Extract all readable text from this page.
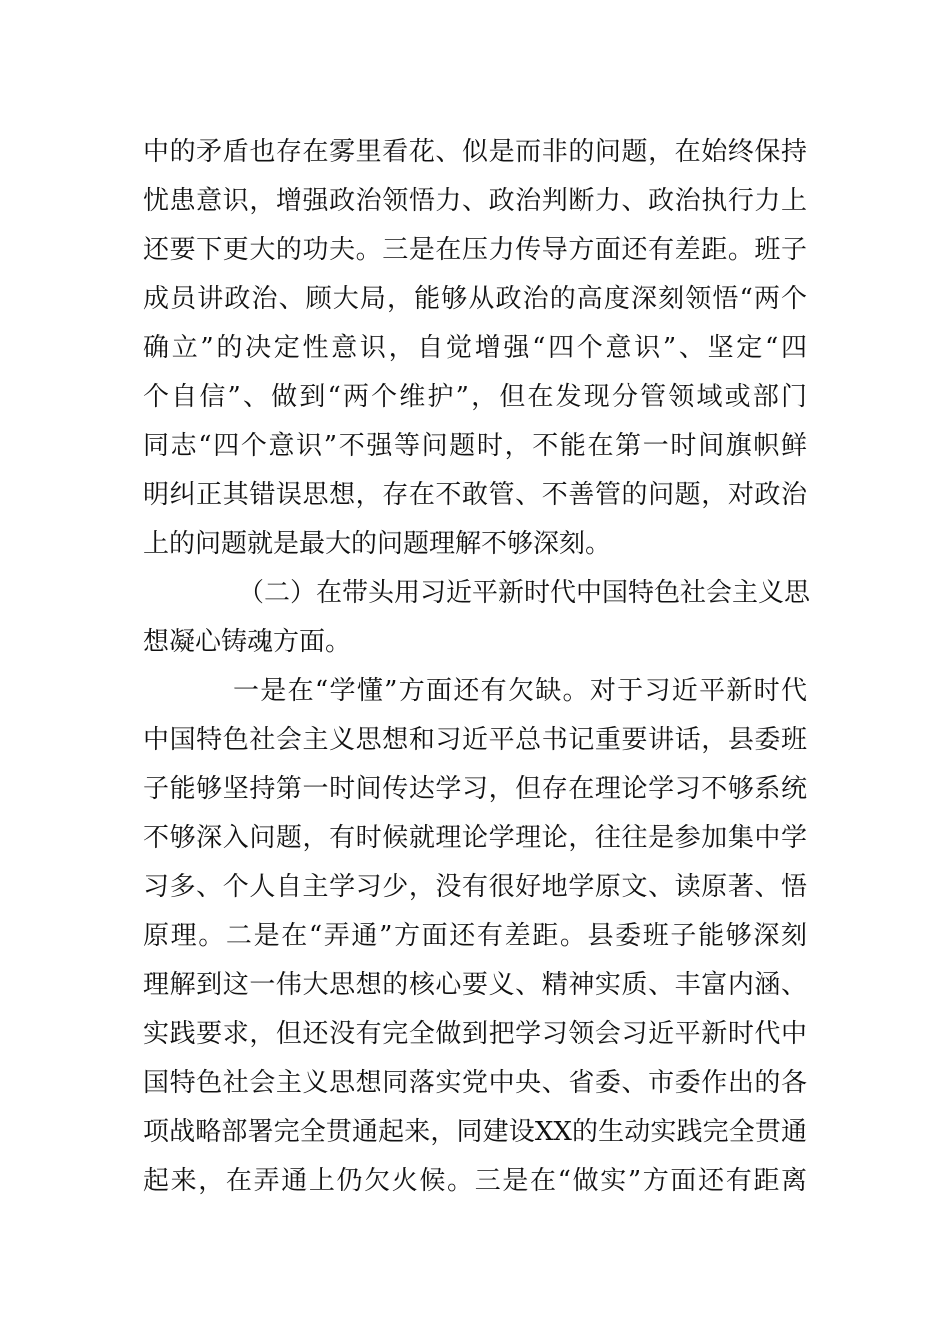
中的矛盾也存在雾里看花、似是而非的问题，在始终保持
忧患意识，增强政治领悟力、政治判断力、政治执行力上
还要下更大的功夫。三是在压力传导方面还有差距。班子
成员讲政治、顾大局，能够从政治的高度深刻领悟“两个
确立”的决定性意识，自觉增强“四个意识”、坚定“四
个自信”、做到“两个维护”，但在发现分管领域或部门
同志“四个意识”不强等问题时，不能在第一时间旗帜鲜
明纠正其错误思想，存在不敢管、不善管的问题，对政治
上的问题就是最大的问题理解不够深刻。
（二）在带头用习近平新时代中国特色社会主义思
想凝心铸魂方面。
一是在“学懂”方面还有欠缺。对于习近平新时代
中国特色社会主义思想和习近平总书记重要讲话，县委班
子能够坚持第一时间传达学习，但存在理论学习不够系统
不够深入问题，有时候就理论学理论，往往是参加集中学
习多、个人自主学习少，没有很好地学原文、读原著、悟
原理。二是在“弄通”方面还有差距。县委班子能够深刻
理解到这一伟大思想的核心要义、精神实质、丰富内涵、
实践要求，但还没有完全做到把学习领会习近平新时代中
国特色社会主义思想同落实党中央、省委、市委作出的各
项战略部署完全贯通起来，同建设XX的生动实践完全贯通
起来，在弄通上仍欠火候。三是在“做实”方面还有距离
